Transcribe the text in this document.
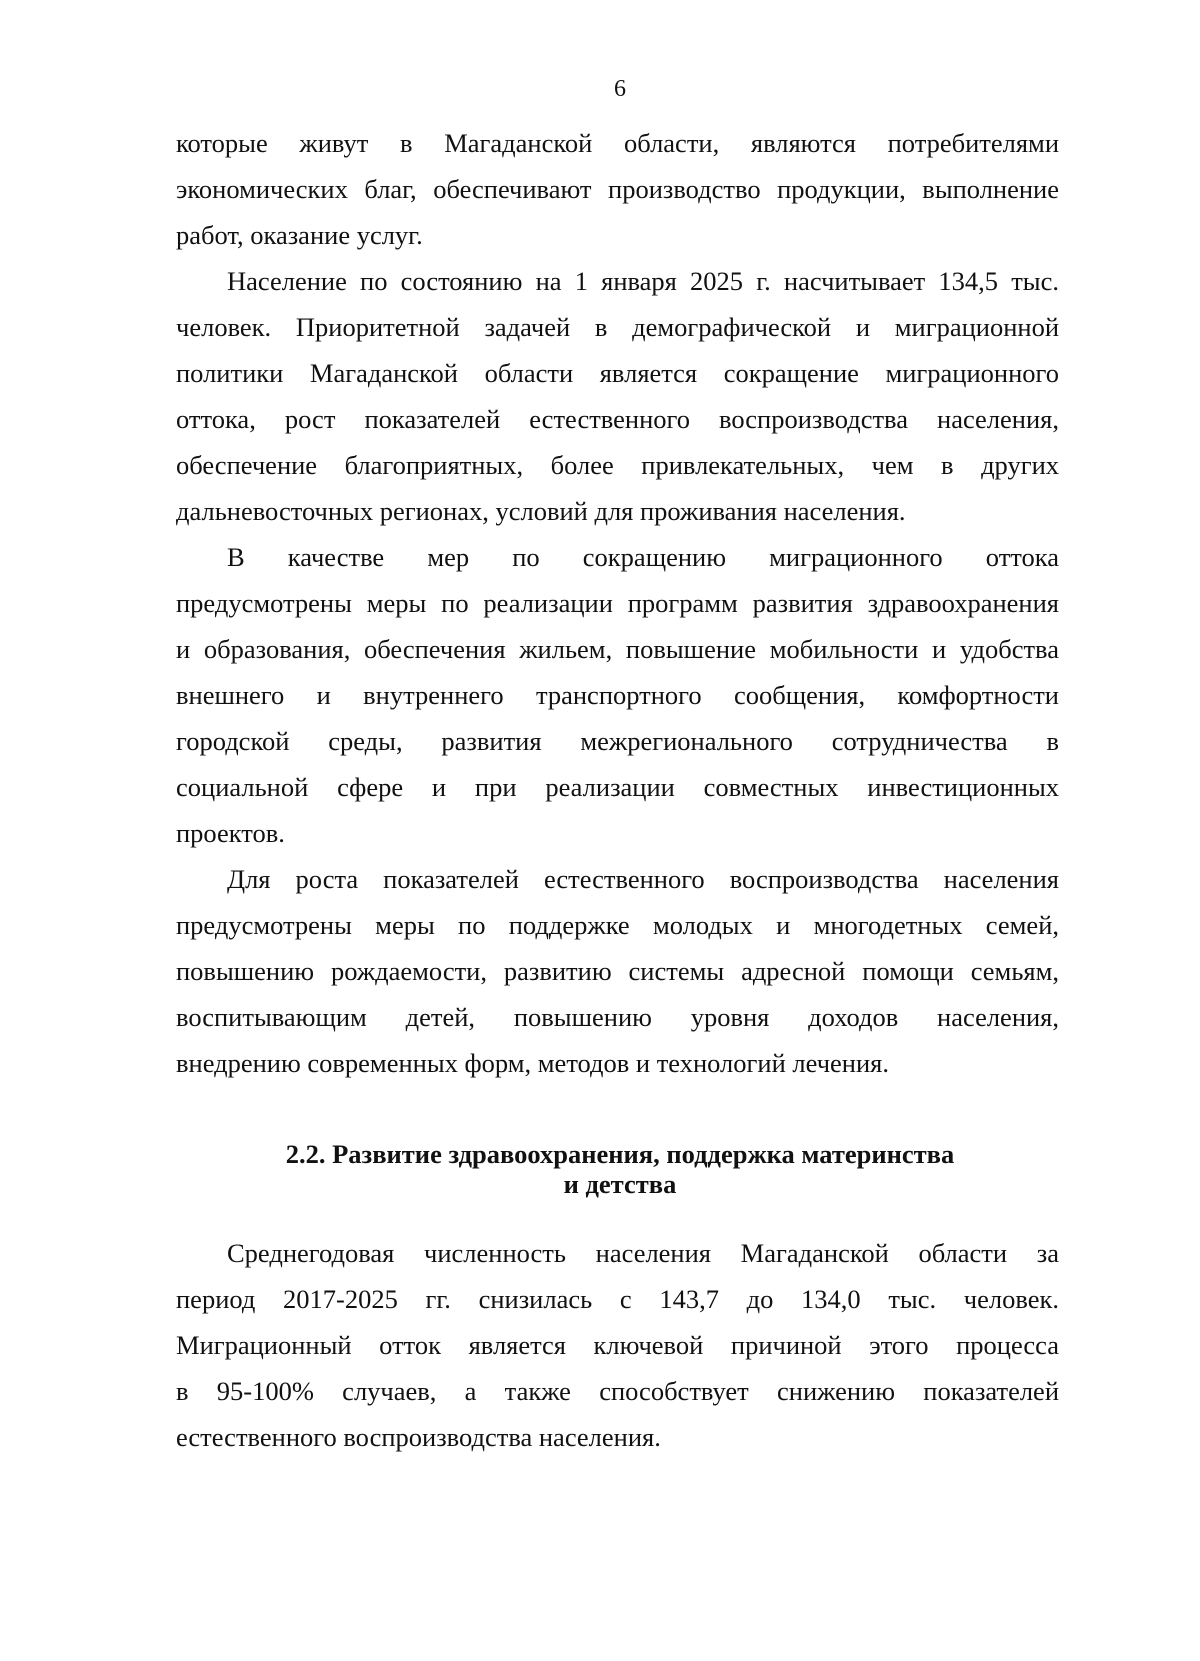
6
которые живут в Магаданской области, являются потребителями
экономических благ, обеспечивают производство продукции, выполнение
работ, оказание услуг.
Население по состоянию на 1 января 2025 г. насчитывает 134,5 тыс.
человек. Приоритетной задачей в демографической и миграционной
политики Магаданской области является сокращение миграционного
оттока, рост показателей естественного воспроизводства населения,
обеспечение благоприятных, более привлекательных, чем в других
дальневосточных регионах, условий для проживания населения.
В качестве мер по сокращению миграционного оттока
предусмотрены меры по реализации программ развития здравоохранения
и образования, обеспечения жильем, повышение мобильности и удобства
внешнего и внутреннего транспортного сообщения, комфортности
городской среды, развития межрегионального сотрудничества в
социальной сфере и при реализации совместных инвестиционных
проектов.
Для роста показателей естественного воспроизводства населения
предусмотрены меры по поддержке молодых и многодетных семей,
повышению рождаемости, развитию системы адресной помощи семьям,
воспитывающим детей, повышению уровня доходов населения,
внедрению современных форм, методов и технологий лечения.
2.2. Развитие здравоохранения, поддержка материнства
и детства
Среднегодовая численность населения Магаданской области за
период 2017-2025 гг. снизилась с 143,7 до 134,0 тыс. человек.
Миграционный отток является ключевой причиной этого процесса
в 95-100% случаев, а также способствует снижению показателей
естественного воспроизводства населения.
